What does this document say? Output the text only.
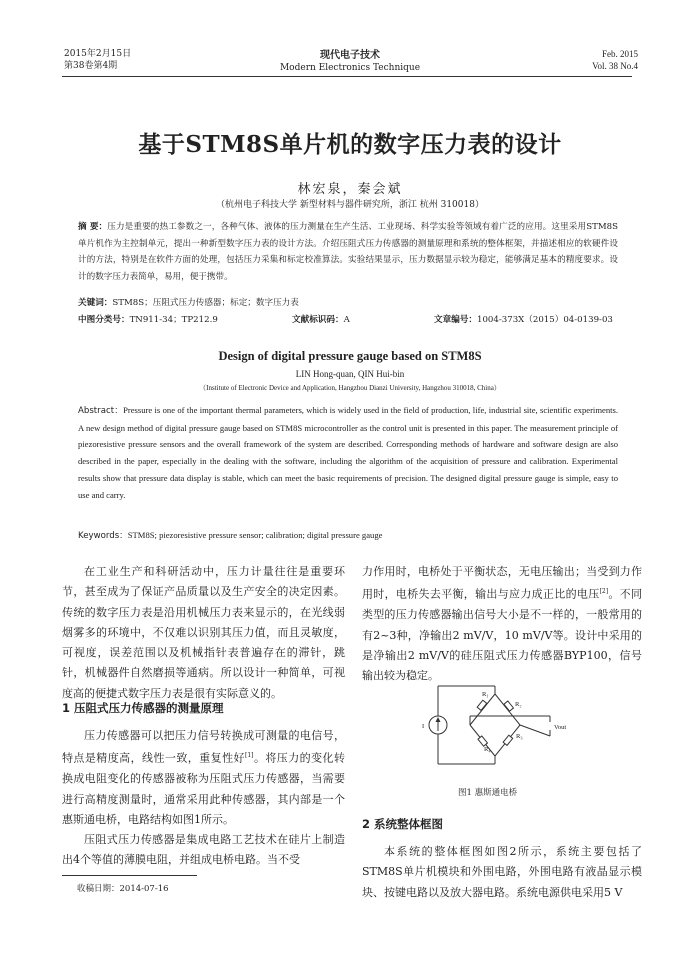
2015年2月15日
第38卷第4期
现代电子技术
Modern Electronics Technique
Feb. 2015
Vol. 38 No.4
基于STM8S单片机的数字压力表的设计
林宏泉，秦会斌
（杭州电子科技大学 新型材料与器件研究所，浙江 杭州 310018）
摘 要：压力是重要的热工参数之一，各种气体、液体的压力测量在生产生活、工业现场、科学实验等领域有着广泛的应用。这里采用STM8S单片机作为主控制单元，提出一种新型数字压力表的设计方法。介绍压阻式压力传感器的测量原理和系统的整体框架，并描述相应的软硬件设计的方法，特别是在软件方面的处理，包括压力采集和标定校准算法。实验结果显示，压力数据显示较为稳定，能够满足基本的精度要求。设计的数字压力表简单，易用，便于携带。
关键词：STM8S；压阻式压力传感器；标定；数字压力表
中图分类号：TN911-34；TP212.9	文献标识码：A	文章编号：1004-373X（2015）04-0139-03
Design of digital pressure gauge based on STM8S
LIN Hong-quan, QIN Hui-bin
（Institute of Electronic Device and Application, Hangzhou Dianzi University, Hangzhou 310018, China）
Abstract：Pressure is one of the important thermal parameters, which is widely used in the field of production, life, industrial site, scientific experiments. A new design method of digital pressure gauge based on STM8S microcontroller as the control unit is presented in this paper. The measurement principle of piezoresistive pressure sensors and the overall framework of the system are described. Corresponding methods of hardware and software design are also described in the paper, especially in the dealing with the software, including the algorithm of the acquisition of pressure and calibration. Experimental results show that pressure data display is stable, which can meet the basic requirements of precision. The designed digital pressure gauge is simple, easy to use and carry.
Keywords：STM8S; piezoresistive pressure sensor; calibration; digital pressure gauge

在工业生产和科研活动中，压力计量往往是重要环节，甚至成为了保证产品质量以及生产安全的决定因素。传统的数字压力表是沿用机械压力表来显示的，在光线弱烟雾多的环境中，不仅难以识别其压力值，而且灵敏度，可视度，误差范围以及机械指针表普遍存在的滞针，跳针，机械器件自然磨损等通病。所以设计一种简单，可视度高的便捷式数字压力表是很有实际意义的。

1 压阻式压力传感器的测量原理

压力传感器可以把压力信号转换成可测量的电信号，特点是精度高，线性一致，重复性好[1]。将压力的变化转换成电阻变化的传感器被称为压阻式压力传感器，当需要进行高精度测量时，通常采用此种传感器，其内部是一个惠斯通电桥，电路结构如图1所示。

压阻式压力传感器是集成电路工艺技术在硅片上制造出4个等值的薄膜电阻，并组成电桥电路。当不受

收稿日期：2014-07-16

力作用时，电桥处于平衡状态，无电压输出；当受到力作用时，电桥失去平衡，输出与应力成正比的电压[2]。不同类型的压力传感器输出信号大小是不一样的，一般常用的有2~3种，净输出2 mV/V，10 mV/V等。设计中采用的是净输出2 mV/V的硅压阻式压力传感器BYP100，信号输出较为稳定。

I
R₁
R₂
R₃
R₄
Vout
图1 惠斯通电桥
2 系统整体框图

本系统的整体框图如图2所示，系统主要包括了STM8S单片机模块和外围电路，外围电路有液晶显示模块、按键电路以及放大器电路。系统电源供电采用5 V
